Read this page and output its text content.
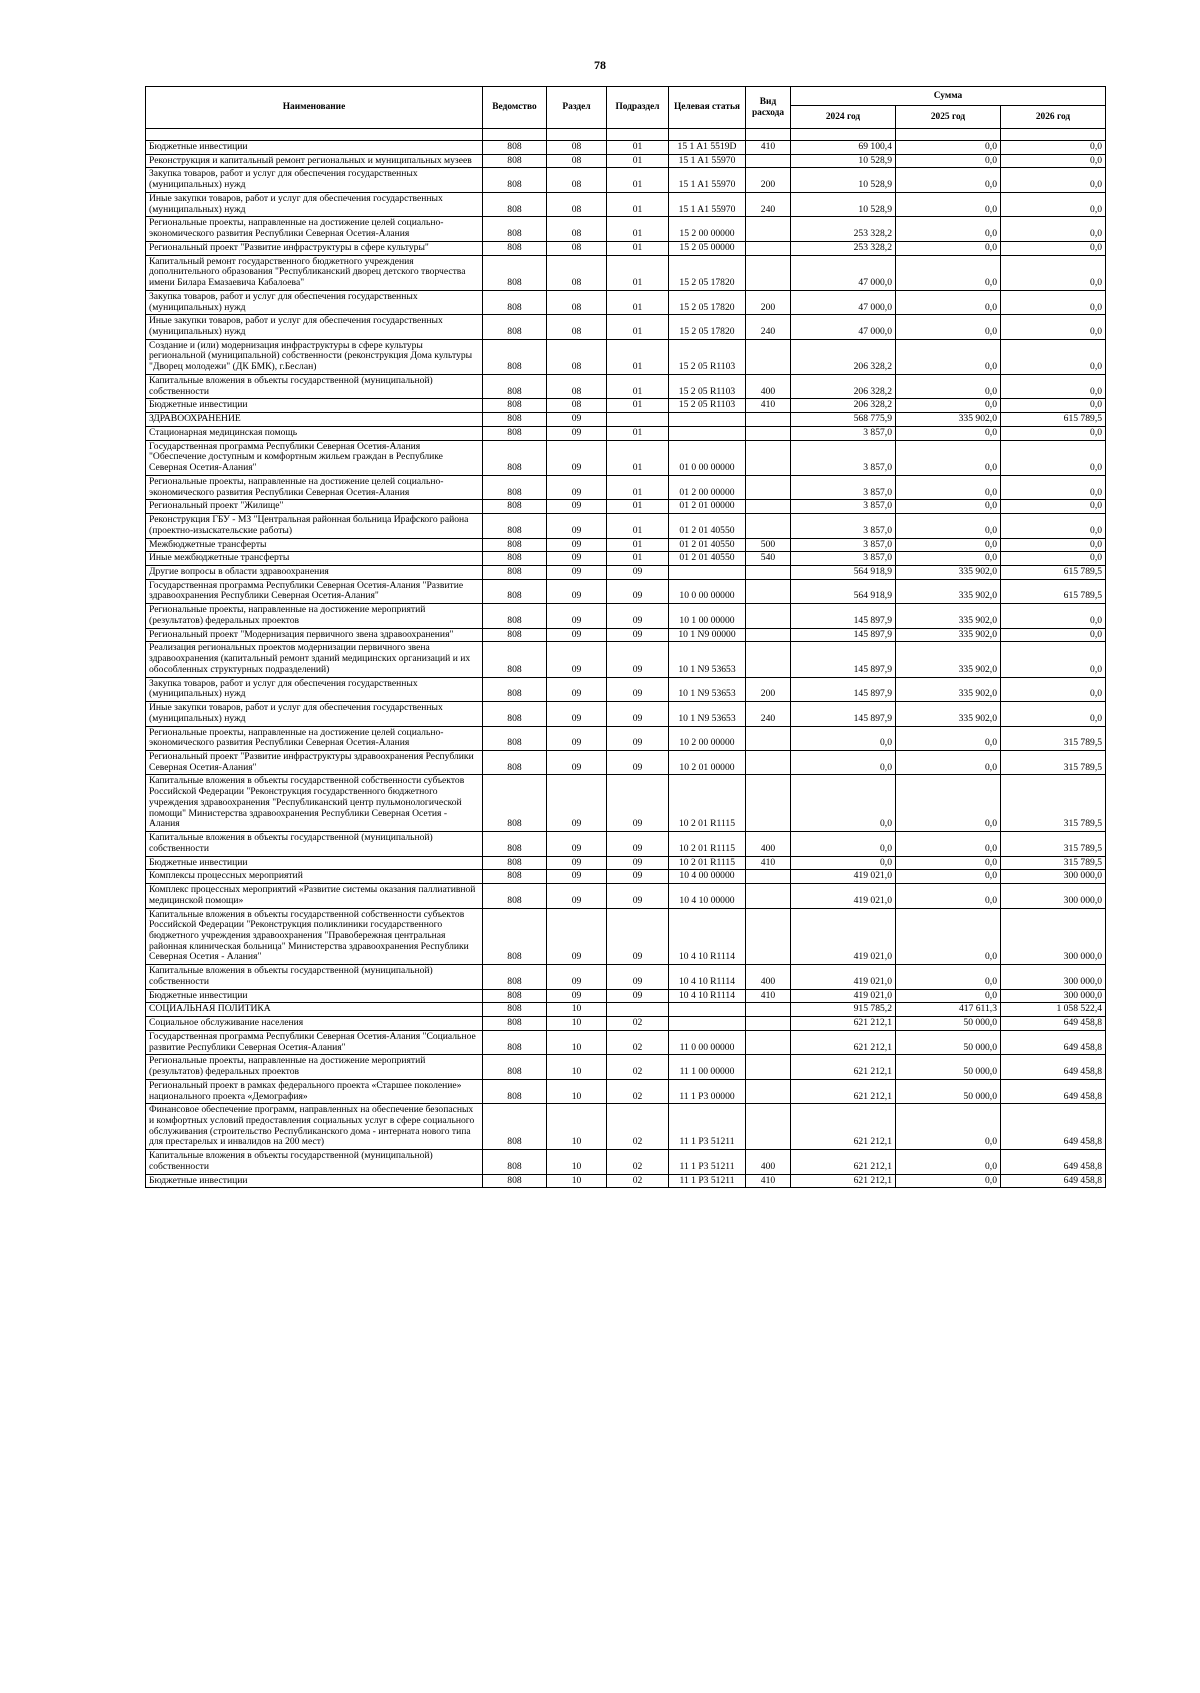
78
Наименование	Ведомство	Раздел	Подраздел	Целевая статья	Вид расхода	Сумма		
						2024 год	2025 год	2026 год

Бюджетные инвестиции	808	08	01	15 1 A1 5519D	410	69 100,4	0,0	0,0
Реконструкция и капитальный ремонт региональных и муниципальных музеев	808	08	01	15 1 A1 55970		10 528,9	0,0	0,0
Закупка товаров, работ и услуг для обеспечения государственных (муниципальных) нужд	808	08	01	15 1 A1 55970	200	10 528,9	0,0	0,0
Иные закупки товаров, работ и услуг для обеспечения государственных (муниципальных) нужд	808	08	01	15 1 A1 55970	240	10 528,9	0,0	0,0
Региональные проекты, направленные на достижение целей социально-экономического развития Республики Северная Осетия-Алания	808	08	01	15 2 00 00000		253 328,2	0,0	0,0
Региональный проект "Развитие инфраструктуры в сфере культуры"	808	08	01	15 2 05 00000		253 328,2	0,0	0,0
Капитальный ремонт государственного бюджетного учреждения дополнительного образования "Республиканский дворец детского творчества имени Билара Емазаевича Кабалоева"	808	08	01	15 2 05 17820		47 000,0	0,0	0,0
Закупка товаров, работ и услуг для обеспечения государственных (муниципальных) нужд	808	08	01	15 2 05 17820	200	47 000,0	0,0	0,0
Иные закупки товаров, работ и услуг для обеспечения государственных (муниципальных) нужд	808	08	01	15 2 05 17820	240	47 000,0	0,0	0,0
Создание и (или) модернизация инфраструктуры в сфере культуры региональной (муниципальной) собственности (реконструкция Дома культуры "Дворец молодежи" (ДК БМК), г.Беслан)	808	08	01	15 2 05 R1103		206 328,2	0,0	0,0
Капитальные вложения в объекты государственной (муниципальной) собственности	808	08	01	15 2 05 R1103	400	206 328,2	0,0	0,0
Бюджетные инвестиции	808	08	01	15 2 05 R1103	410	206 328,2	0,0	0,0
ЗДРАВООХРАНЕНИЕ	808	09				568 775,9	335 902,0	615 789,5
Стационарная медицинская помощь	808	09	01			3 857,0	0,0	0,0
Государственная программа Республики Северная Осетия-Алания "Обеспечение доступным и комфортным жильем граждан в Республике Северная Осетия-Алания"	808	09	01	01 0 00 00000		3 857,0	0,0	0,0
Региональные проекты, направленные на достижение целей социально-экономического развития Республики Северная Осетия-Алания	808	09	01	01 2 00 00000		3 857,0	0,0	0,0
Региональный проект "Жилище"	808	09	01	01 2 01 00000		3 857,0	0,0	0,0
Реконструкция ГБУ - МЗ "Центральная районная больница Ирафского района (проектно-изыскательские работы)	808	09	01	01 2 01 40550		3 857,0	0,0	0,0
Межбюджетные трансферты	808	09	01	01 2 01 40550	500	3 857,0	0,0	0,0
Иные межбюджетные трансферты	808	09	01	01 2 01 40550	540	3 857,0	0,0	0,0
Другие вопросы в области здравоохранения	808	09	09			564 918,9	335 902,0	615 789,5
Государственная программа Республики Северная Осетия-Алания "Развитие здравоохранения Республики Северная Осетия-Алания"	808	09	09	10 0 00 00000		564 918,9	335 902,0	615 789,5
Региональные проекты, направленные на достижение мероприятий (результатов) федеральных проектов	808	09	09	10 1 00 00000		145 897,9	335 902,0	0,0
Региональный проект "Модернизация первичного звена здравоохранения"	808	09	09	10 1 N9 00000		145 897,9	335 902,0	0,0
Реализация региональных проектов модернизации первичного звена здравоохранения (капитальный ремонт зданий медицинских организаций и их обособленных структурных подразделений)	808	09	09	10 1 N9 53653		145 897,9	335 902,0	0,0
Закупка товаров, работ и услуг для обеспечения государственных (муниципальных) нужд	808	09	09	10 1 N9 53653	200	145 897,9	335 902,0	0,0
Иные закупки товаров, работ и услуг для обеспечения государственных (муниципальных) нужд	808	09	09	10 1 N9 53653	240	145 897,9	335 902,0	0,0
Региональные проекты, направленные на достижение целей социально-экономического развития Республики Северная Осетия-Алания	808	09	09	10 2 00 00000		0,0	0,0	315 789,5
Региональный проект "Развитие инфраструктуры здравоохранения Республики Северная Осетия-Алания"	808	09	09	10 2 01 00000		0,0	0,0	315 789,5
Капитальные вложения в объекты государственной собственности субъектов Российской Федерации "Реконструкция государственного бюджетного учреждения здравоохранения "Республиканский центр пульмонологической помощи" Министерства здравоохранения Республики Северная Осетия - Алания	808	09	09	10 2 01 R1115		0,0	0,0	315 789,5
Капитальные вложения в объекты государственной (муниципальной) собственности	808	09	09	10 2 01 R1115	400	0,0	0,0	315 789,5
Бюджетные инвестиции	808	09	09	10 2 01 R1115	410	0,0	0,0	315 789,5
Комплексы процессных мероприятий	808	09	09	10 4 00 00000		419 021,0	0,0	300 000,0
Комплекс процессных мероприятий «Развитие системы оказания паллиативной медицинской помощи»	808	09	09	10 4 10 00000		419 021,0	0,0	300 000,0
Капитальные вложения в объекты государственной собственности субъектов Российской Федерации "Реконструкция поликлиники государственного бюджетного учреждения здравоохранения "Правобережная центральная районная клиническая больница" Министерства здравоохранения Республики Северная Осетия - Алания"	808	09	09	10 4 10 R1114		419 021,0	0,0	300 000,0
Капитальные вложения в объекты государственной (муниципальной) собственности	808	09	09	10 4 10 R1114	400	419 021,0	0,0	300 000,0
Бюджетные инвестиции	808	09	09	10 4 10 R1114	410	419 021,0	0,0	300 000,0
СОЦИАЛЬНАЯ ПОЛИТИКА	808	10				915 785,2	417 611,3	1 058 522,4
Социальное обслуживание населения	808	10	02			621 212,1	50 000,0	649 458,8
Государственная программа Республики Северная Осетия-Алания "Социальное развитие Республики Северная Осетия-Алания"	808	10	02	11 0 00 00000		621 212,1	50 000,0	649 458,8
Региональные проекты, направленные на достижение мероприятий (результатов) федеральных проектов	808	10	02	11 1 00 00000		621 212,1	50 000,0	649 458,8
Региональный проект в рамках федерального проекта «Старшее поколение» национального проекта «Демография»	808	10	02	11 1 P3 00000		621 212,1	50 000,0	649 458,8
Финансовое обеспечение программ, направленных на обеспечение безопасных и комфортных условий предоставления социальных услуг в сфере социального обслуживания (строительство Республиканского дома - интерната нового типа для престарелых и инвалидов на 200 мест)	808	10	02	11 1 P3 51211		621 212,1	0,0	649 458,8
Капитальные вложения в объекты государственной (муниципальной) собственности	808	10	02	11 1 P3 51211	400	621 212,1	0,0	649 458,8
Бюджетные инвестиции	808	10	02	11 1 P3 51211	410	621 212,1	0,0	649 458,8
